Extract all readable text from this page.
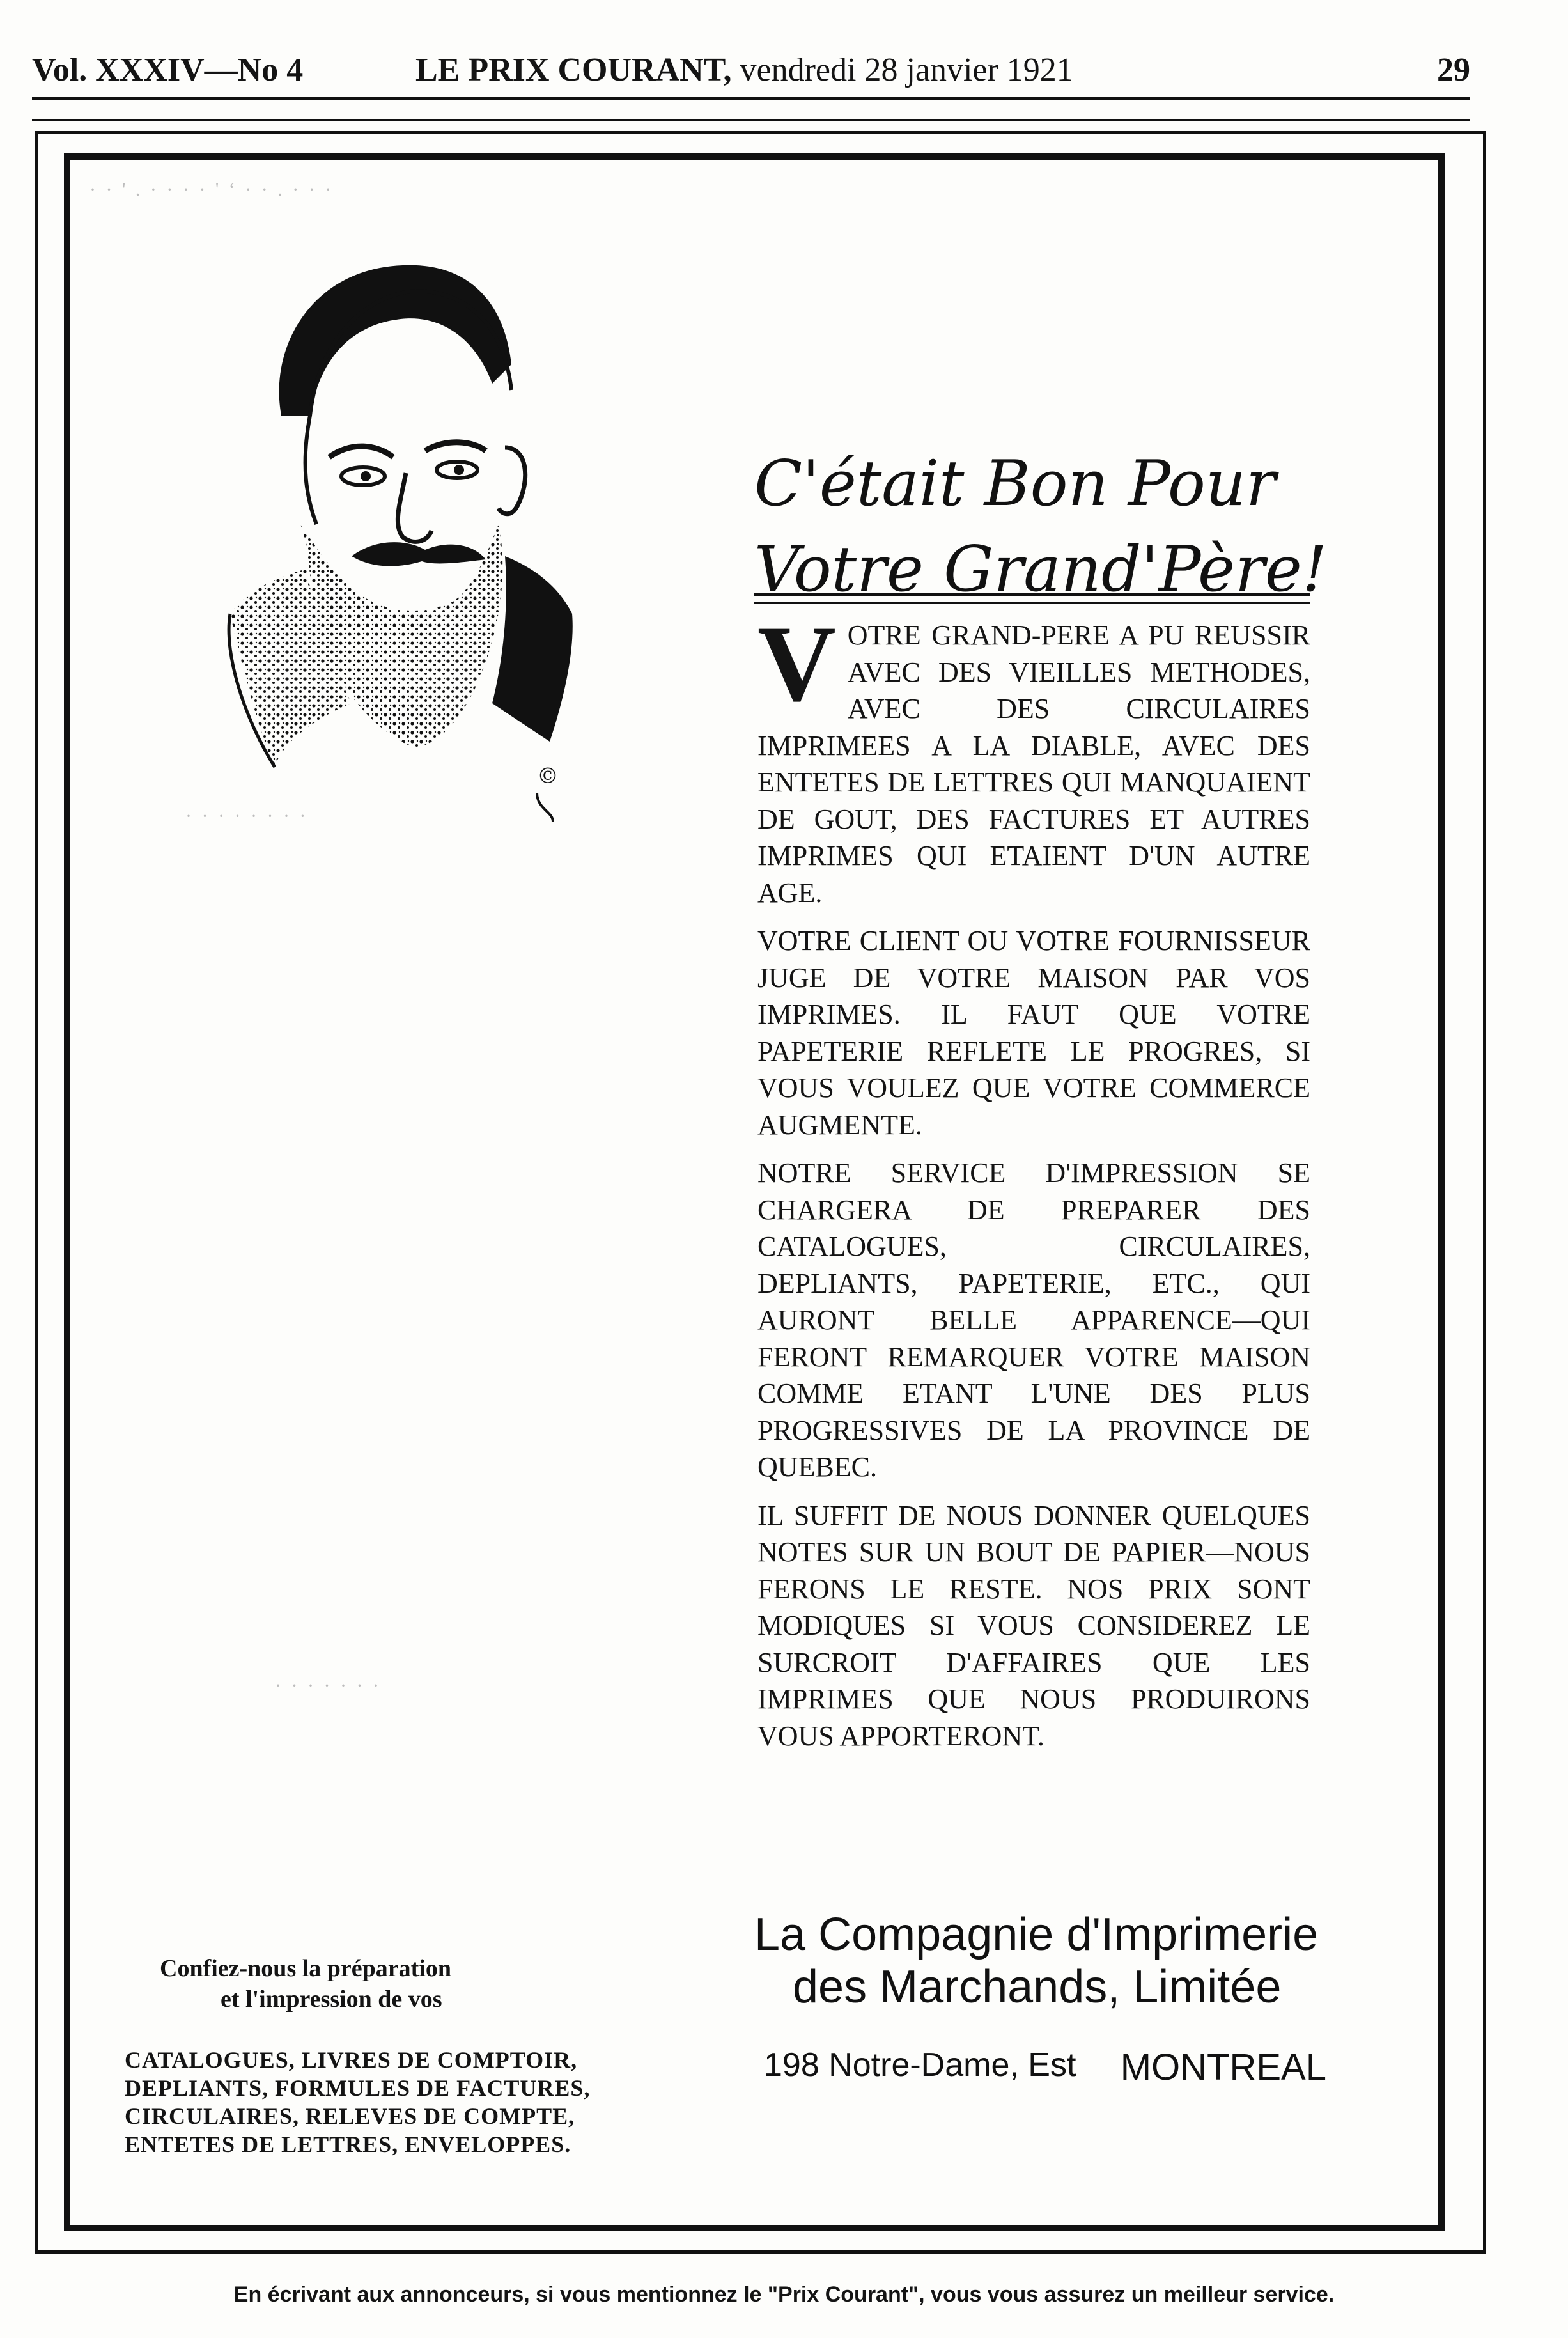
Vol. XXXIV—No 4	LE PRIX COURANT, vendredi 28 janvier 1921	29
· · ' . · · · · ' ‘ · · . · · ·
· · · · · · · ·
· · · · · · ·
©
C'était Bon Pour
Votre Grand'Père!

VOTRE GRAND-PERE A PU REUSSIR AVEC DES VIEILLES METHODES, AVEC DES CIRCULAIRES IMPRIMEES A LA DIABLE, AVEC DES ENTETES DE LETTRES QUI MANQUAIENT DE GOUT, DES FACTURES ET AUTRES IMPRIMES QUI ETAIENT D'UN AUTRE AGE.

VOTRE CLIENT OU VOTRE FOURNISSEUR JUGE DE VOTRE MAISON PAR VOS IMPRIMES. IL FAUT QUE VOTRE PAPETERIE REFLETE LE PROGRES, SI VOUS VOULEZ QUE VOTRE COMMERCE AUGMENTE.

NOTRE SERVICE D'IMPRESSION SE CHARGERA DE PREPARER DES CATALOGUES, CIRCULAIRES, DEPLIANTS, PAPETERIE, ETC., QUI AURONT BELLE APPARENCE—QUI FERONT REMARQUER VOTRE MAISON COMME ETANT L'UNE DES PLUS PROGRESSIVES DE LA PROVINCE DE QUEBEC.

IL SUFFIT DE NOUS DONNER QUELQUES NOTES SUR UN BOUT DE PAPIER—NOUS FERONS LE RESTE. NOS PRIX SONT MODIQUES SI VOUS CONSIDEREZ LE SURCROIT D'AFFAIRES QUE LES IMPRIMES QUE NOUS PRODUIRONS VOUS APPORTERONT.

La Compagnie d'Imprimerie
des Marchands, Limitée
198 Notre-Dame, Est MONTREAL
Confiez-nous la préparation
et l'impression de vos
CATALOGUES, LIVRES DE COMPTOIR,
DEPLIANTS, FORMULES DE FACTURES,
CIRCULAIRES, RELEVES DE COMPTE,
ENTETES DE LETTRES, ENVELOPPES.
En écrivant aux annonceurs, si vous mentionnez le "Prix Courant", vous vous assurez un meilleur service.
